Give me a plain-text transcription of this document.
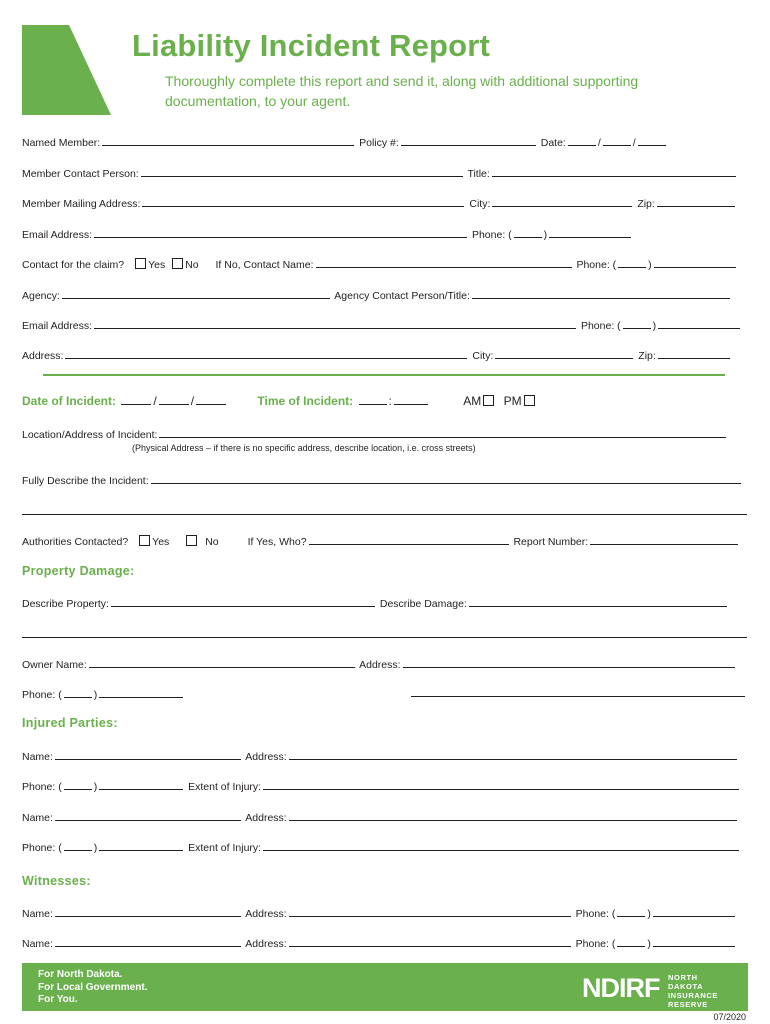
Liability Incident Report
Thoroughly complete this report and send it, along with additional supporting documentation, to your agent.
Named Member:	Policy #:	Date:	/	/
Member Contact Person:	Title:
Member Mailing Address:	City:	Zip:
Email Address:	Phone: (	)
Contact for the claim? Yes No If No, Contact Name:	Phone: (	)
Agency:	Agency Contact Person/Title:
Email Address:	Phone: (	)
Address:	City:	Zip:
Date of Incident:	/	/	Time of Incident:	:	AM PM
Location/Address of Incident:
(Physical Address – if there is no specific address, describe location, i.e. cross streets)
Fully Describe the Incident:
Authorities Contacted? Yes	No	If Yes, Who?	Report Number:
Property Damage:
Describe Property:	Describe Damage:
Owner Name:	Address:
Phone: (	)
Injured Parties:
Name:	Address:
Phone: (	)	Extent of Injury:
Name:	Address:
Phone: (	)	Extent of Injury:
Witnesses:
Name:	Address:	Phone: (	)
Name:	Address:	Phone: (	)
For North Dakota.
For Local Government.
For You.	NDIRF NORTH DAKOTA
INSURANCE
RESERVE FUND	07/2020
